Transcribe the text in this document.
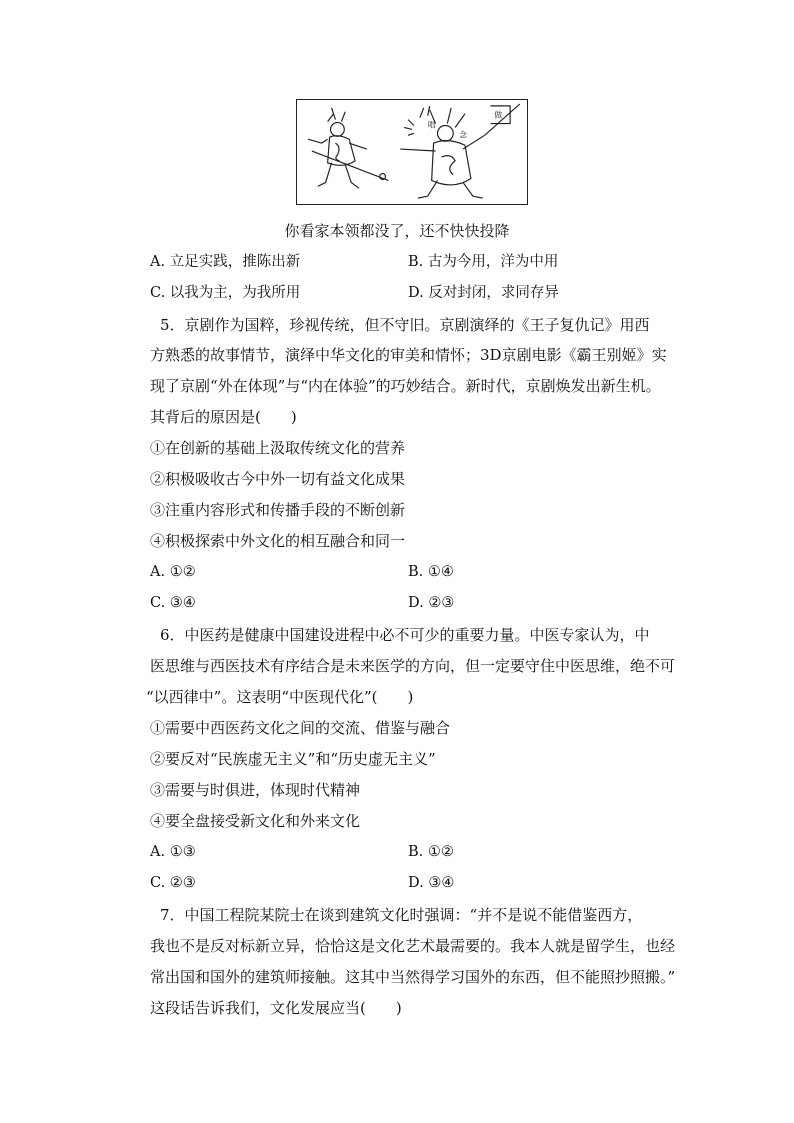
唱
念
做
你看家本领都没了，还不快快投降
A. 立足实践，推陈出新	B. 古为今用，洋为中用
C. 以我为主，为我所用	D. 反对封闭，求同存异
5．京剧作为国粹，珍视传统，但不守旧。京剧演绎的《王子复仇记》用西
方熟悉的故事情节，演绎中华文化的审美和情怀；3D京剧电影《霸王别姬》实
现了京剧“外在体现”与“内在体验”的巧妙结合。新时代，京剧焕发出新生机。
其背后的原因是(　　)
①在创新的基础上汲取传统文化的营养
②积极吸收古今中外一切有益文化成果
③注重内容形式和传播手段的不断创新
④积极探索中外文化的相互融合和同一
A. ①②	B. ①④
C. ③④	D. ②③
6．中医药是健康中国建设进程中必不可少的重要力量。中医专家认为，中
医思维与西医技术有序结合是未来医学的方向，但一定要守住中医思维，绝不可
“以西律中”。这表明“中医现代化”(　　)
①需要中西医药文化之间的交流、借鉴与融合
②要反对“民族虚无主义”和“历史虚无主义”
③需要与时俱进，体现时代精神
④要全盘接受新文化和外来文化
A. ①③	B. ①②
C. ②③	D. ③④
7．中国工程院某院士在谈到建筑文化时强调：“并不是说不能借鉴西方，
我也不是反对标新立异，恰恰这是文化艺术最需要的。我本人就是留学生，也经
常出国和国外的建筑师接触。这其中当然得学习国外的东西，但不能照抄照搬。”
这段话告诉我们，文化发展应当(　　)
